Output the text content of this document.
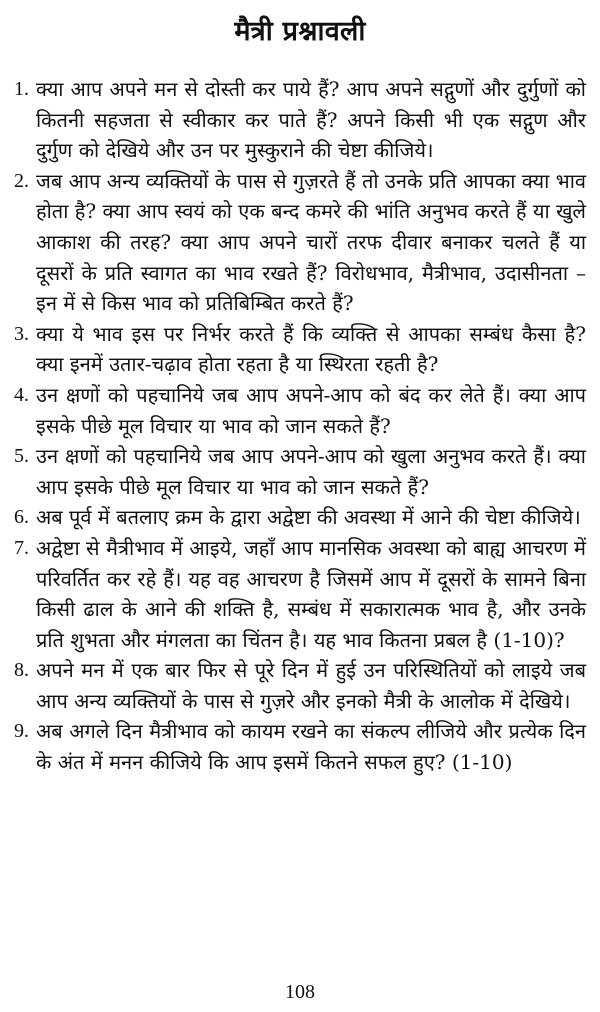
मैत्री प्रश्नावली
1. क्या आप अपने मन से दोस्ती कर पाये हैं? आप अपने सद्गुणों और दुर्गुणों को कितनी सहजता से स्वीकार कर पाते हैं? अपने किसी भी एक सद्गुण और दुर्गुण को देखिये और उन पर मुस्कुराने की चेष्टा कीजिये।
2. जब आप अन्य व्यक्तियों के पास से गुज़रते हैं तो उनके प्रति आपका क्या भाव होता है? क्या आप स्वयं को एक बन्द कमरे की भांति अनुभव करते हैं या खुले आकाश की तरह? क्या आप अपने चारों तरफ दीवार बनाकर चलते हैं या दूसरों के प्रति स्वागत का भाव रखते हैं? विरोधभाव, मैत्रीभाव, उदासीनता – इन में से किस भाव को प्रतिबिम्बित करते हैं?
3. क्या ये भाव इस पर निर्भर करते हैं कि व्यक्ति से आपका सम्बंध कैसा है? क्या इनमें उतार-चढ़ाव होता रहता है या स्थिरता रहती है?
4. उन क्षणों को पहचानिये जब आप अपने-आप को बंद कर लेते हैं। क्या आप इसके पीछे मूल विचार या भाव को जान सकते हैं?
5. उन क्षणों को पहचानिये जब आप अपने-आप को खुला अनुभव करते हैं। क्या आप इसके पीछे मूल विचार या भाव को जान सकते हैं?
6. अब पूर्व में बतलाए क्रम के द्वारा अद्वेष्टा की अवस्था में आने की चेष्टा कीजिये।
7. अद्वेष्टा से मैत्रीभाव में आइये, जहाँ आप मानसिक अवस्था को बाह्य आचरण में परिवर्तित कर रहे हैं। यह वह आचरण है जिसमें आप में दूसरों के सामने बिना किसी ढाल के आने की शक्ति है, सम्बंध में सकारात्मक भाव है, और उनके प्रति शुभता और मंगलता का चिंतन है। यह भाव कितना प्रबल है (1-10)?
8. अपने मन में एक बार फिर से पूरे दिन में हुई उन परिस्थितियों को लाइये जब आप अन्य व्यक्तियों के पास से गुज़रे और इनको मैत्री के आलोक में देखिये।
9. अब अगले दिन मैत्रीभाव को कायम रखने का संकल्प लीजिये और प्रत्येक दिन के अंत में मनन कीजिये कि आप इसमें कितने सफल हुए? (1-10)
108
